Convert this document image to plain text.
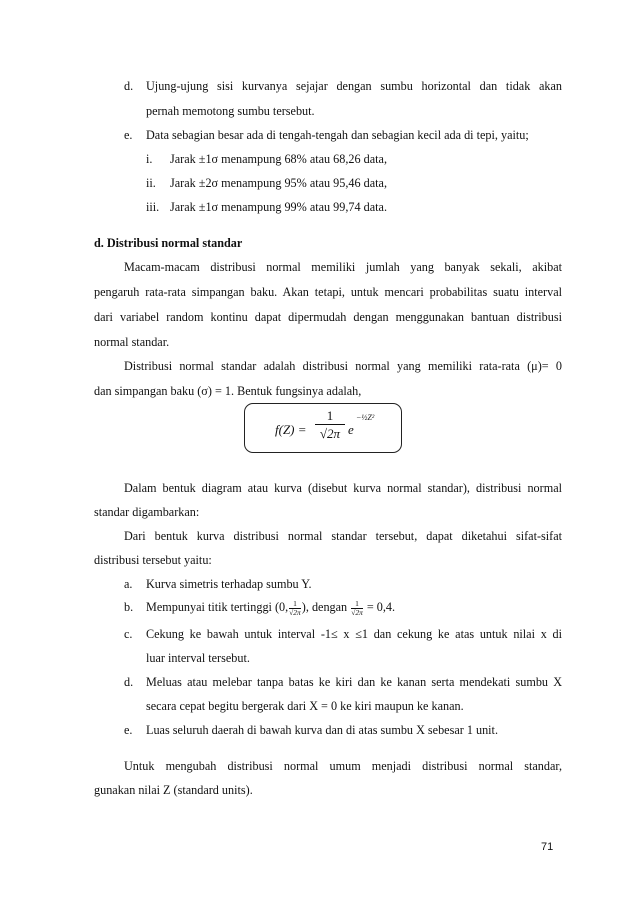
d. Ujung-ujung sisi kurvanya sejajar dengan sumbu horizontal dan tidak akan
pernah memotong sumbu tersebut.
e. Data sebagian besar ada di tengah-tengah dan sebagian kecil ada di tepi, yaitu;
i. Jarak ±1σ menampung 68% atau 68,26 data,
ii. Jarak ±2σ menampung 95% atau 95,46 data,
iii. Jarak ±1σ menampung 99% atau 99,74 data.
d. Distribusi normal standar
Macam-macam distribusi normal memiliki jumlah yang banyak sekali, akibat
pengaruh rata-rata simpangan baku. Akan tetapi, untuk mencari probabilitas suatu interval
dari variabel random kontinu dapat dipermudah dengan menggunakan bantuan distribusi
normal standar.
Distribusi normal standar adalah distribusi normal yang memiliki rata-rata (μ)= 0
dan simpangan baku (σ) = 1. Bentuk fungsinya adalah,
f(Z) =
1
√2π e
−½Z²
Dalam bentuk diagram atau kurva (disebut kurva normal standar), distribusi normal
standar digambarkan:
Dari bentuk kurva distribusi normal standar tersebut, dapat diketahui sifat-sifat
distribusi tersebut yaitu:
a. Kurva simetris terhadap sumbu Y.
b. Mempunyai titik tertinggi $(0,\frac{1}{√2\pi})$, dengan $\frac{1}{√2\pi} = 0,4$.
c. Cekung ke bawah untuk interval -1≤ x ≤1 dan cekung ke atas untuk nilai x di
luar interval tersebut.
d. Meluas atau melebar tanpa batas ke kiri dan ke kanan serta mendekati sumbu X
secara cepat begitu bergerak dari X = 0 ke kiri maupun ke kanan.
e. Luas seluruh daerah di bawah kurva dan di atas sumbu X sebesar 1 unit.
Untuk mengubah distribusi normal umum menjadi distribusi normal standar,
gunakan nilai Z (standard units).
71
